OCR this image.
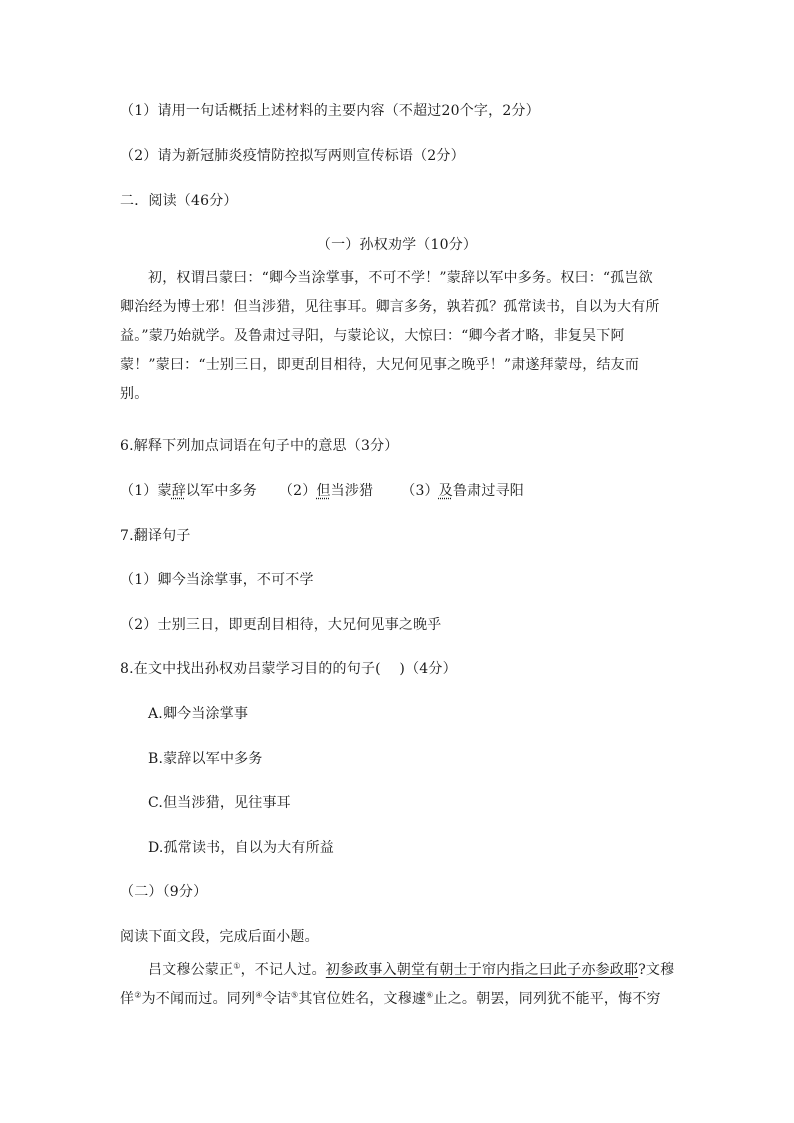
（1）请用一句话概括上述材料的主要内容（不超过20个字，2分）
（2）请为新冠肺炎疫情防控拟写两则宣传标语（2分）
二．阅读（46分）
（一）孙权劝学（10分）
初，权谓吕蒙曰：“卿今当涂掌事，不可不学！”蒙辞以军中多务。权曰：“孤岂欲
卿治经为博士邪！但当涉猎，见往事耳。卿言多务，孰若孤？孤常读书，自以为大有所
益。”蒙乃始就学。及鲁肃过寻阳，与蒙论议，大惊曰：“卿今者才略，非复吴下阿
蒙！”蒙曰：“士别三日，即更刮目相待，大兄何见事之晚乎！”肃遂拜蒙母，结友而
别。
6.解释下列加点词语在句子中的意思（3分）
（1）蒙辞以军中多务 （2）但当涉猎 （3）及鲁肃过寻阳
7.翻译句子
（1）卿今当涂掌事，不可不学
（2）士别三日，即更刮目相待，大兄何见事之晚乎
8.在文中找出孙权劝吕蒙学习目的的句子(    )（4分）
A.卿今当涂掌事
B.蒙辞以军中多务
C.但当涉猎，见往事耳
D.孤常读书，自以为大有所益
（二）（9分）
阅读下面文段，完成后面小题。
吕文穆公蒙正①，不记人过。初参政事入朝堂有朝士于帘内指之曰此子亦参政耶?文穆
佯②为不闻而过。同列④令诘⑤其官位姓名，文穆遽⑥止之。朝罢，同列犹不能平，悔不穷
